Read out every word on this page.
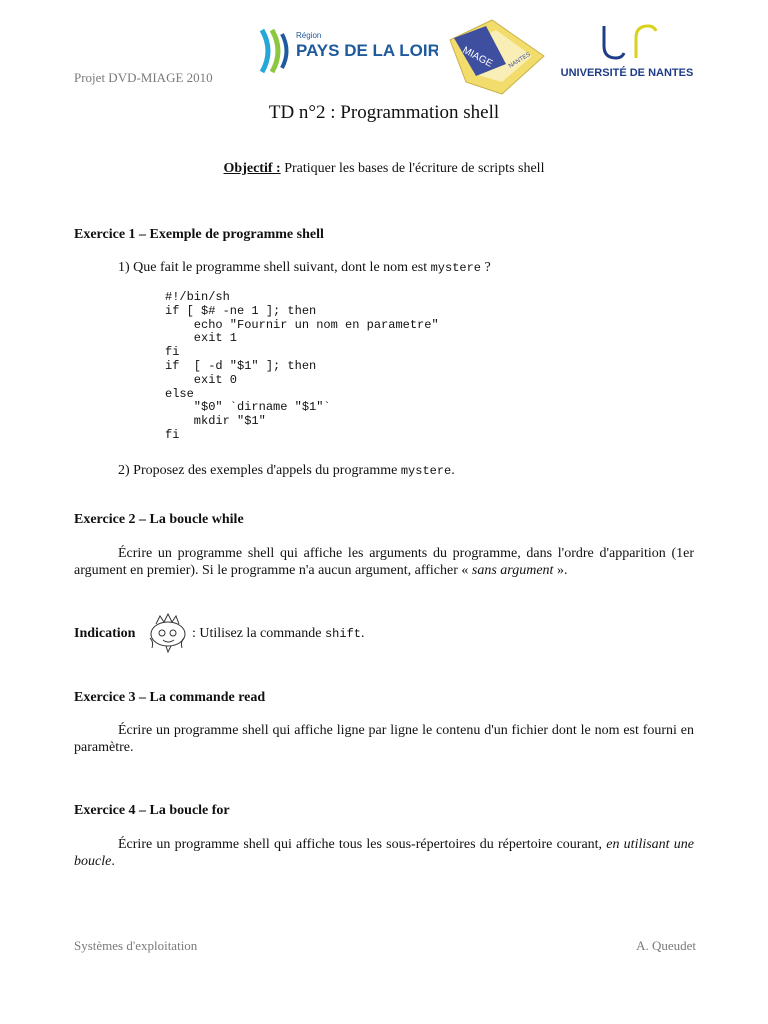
Projet DVD-MIAGE 2010
Région
PAYS DE LA LOIRE MIAGE NANTES
UNIVERSITÉ DE NANTES
TD n°2 : Programmation shell
Objectif : Pratiquer les bases de l'écriture de scripts shell
Exercice 1 – Exemple de programme shell
1) Que fait le programme shell suivant, dont le nom est mystere ?
#!/bin/sh
if [ $# -ne 1 ]; then
echo "Fournir un nom en parametre"
exit 1
fi
if  [ -d "$1" ]; then
exit 0
else
"$0" `dirname "$1"`
mkdir "$1"
fi
2) Proposez des exemples d'appels du programme mystere.
Exercice 2 – La boucle while
Écrire un programme shell qui affiche les arguments du programme, dans l'ordre d'apparition (1er argument en premier). Si le programme n'a aucun argument, afficher « sans argument ».
Indication	: Utilisez la commande shift.
Exercice 3 – La commande read
Écrire un programme shell qui affiche ligne par ligne le contenu d'un fichier dont le nom est fourni en paramètre.
Exercice 4 – La boucle for
Écrire un programme shell qui affiche tous les sous-répertoires du répertoire courant, en utilisant une boucle.
Systèmes d'exploitation	A. Queudet
